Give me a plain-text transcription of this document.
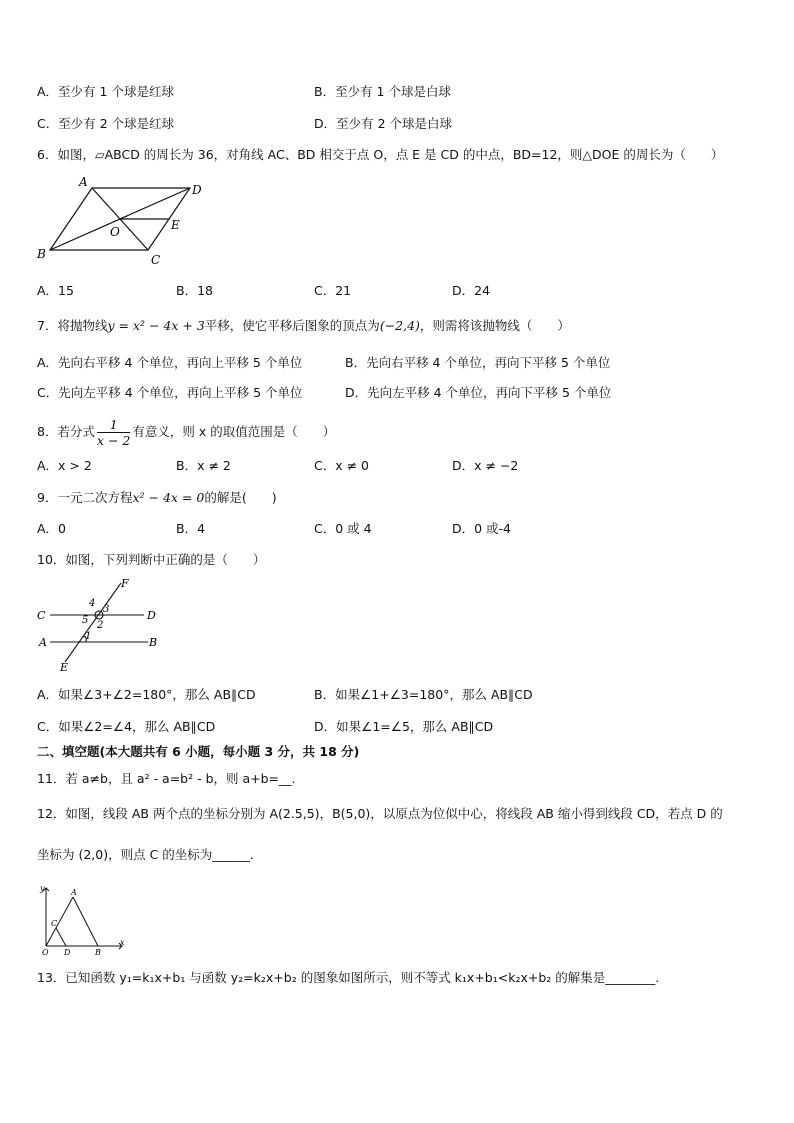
A．至少有 1 个球是红球	B．至少有 1 个球是白球
C．至少有 2 个球是红球	D．至少有 2 个球是白球
6．如图，▱ABCD 的周长为 36，对角线 AC、BD 相交于点 O，点 E 是 CD 的中点，BD=12，则△DOE 的周长为（　　）
A
D
B	C
O	E
A．15	B．18	C．21	D．24
7．将抛物线y = x² − 4x + 3平移，使它平移后图象的顶点为(−2,4)，则需将该抛物线（　　）
A．先向右平移 4 个单位，再向上平移 5 个单位	B．先向右平移 4 个单位，再向下平移 5 个单位
C．先向左平移 4 个单位，再向上平移 5 个单位	D．先向左平移 4 个单位，再向下平移 5 个单位
8．若分式 $\frac{1}{x - 2}$ 有意义，则 x 的取值范围是（　　）
A．x > 2	B．x ≠ 2	C．x ≠ 0	D．x ≠ −2
9．一元二次方程x² − 4x = 0的解是(　　)
A．0	B．4	C．0 或 4	D．0 或-4
10．如图，下列判断中正确的是（　　）
F
C	D
A	B
E
4
3
5 2
1
A．如果∠3+∠2=180°，那么 AB∥CD	B．如果∠1+∠3=180°，那么 AB∥CD
C．如果∠2=∠4，那么 AB∥CD	D．如果∠1=∠5，那么 AB∥CD
二、填空题(本大题共有 6 小题，每小题 3 分，共 18 分)
11．若 a≠b，且 a² - a=b² - b，则 a+b=__.
12．如图，线段 AB 两个点的坐标分别为 A(2.5,5)，B(5,0)，以原点为位似中心，将线段 AB 缩小得到线段 CD，若点 D 的
坐标为 (2,0)，则点 C 的坐标为______.
y
x
A
C
O D	B
13．已知函数 y₁=k₁x+b₁ 与函数 y₂=k₂x+b₂ 的图象如图所示，则不等式 k₁x+b₁<k₂x+b₂ 的解集是________.
